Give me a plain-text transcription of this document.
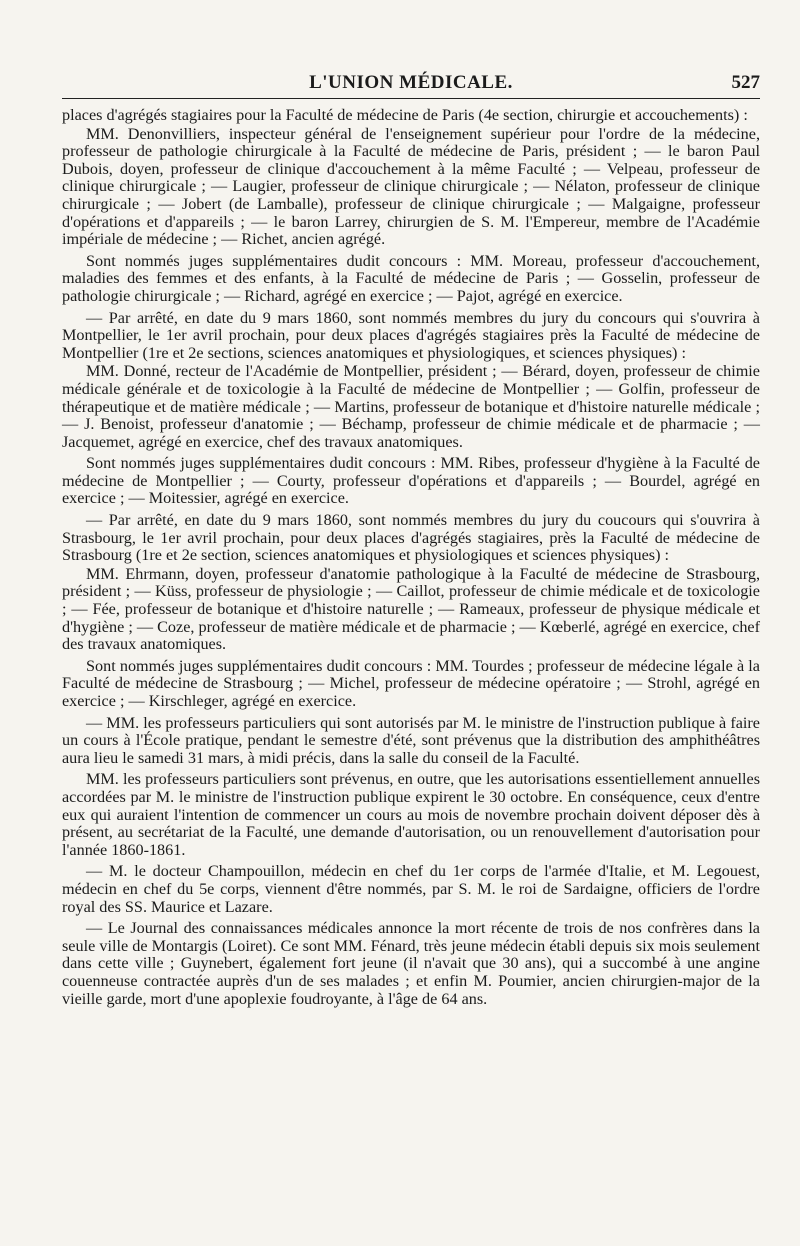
L'UNION MÉDICALE.	527

places d'agrégés stagiaires pour la Faculté de médecine de Paris (4e section, chirurgie et accouchements) :

MM. Denonvilliers, inspecteur général de l'enseignement supérieur pour l'ordre de la médecine, professeur de pathologie chirurgicale à la Faculté de médecine de Paris, président ; — le baron Paul Dubois, doyen, professeur de clinique d'accouchement à la même Faculté ; — Velpeau, professeur de clinique chirurgicale ; — Laugier, professeur de clinique chirurgicale ; — Nélaton, professeur de clinique chirurgicale ; — Jobert (de Lamballe), professeur de clinique chirurgicale ; — Malgaigne, professeur d'opérations et d'appareils ; — le baron Larrey, chirurgien de S. M. l'Empereur, membre de l'Académie impériale de médecine ; — Richet, ancien agrégé.

Sont nommés juges supplémentaires dudit concours : MM. Moreau, professeur d'accouchement, maladies des femmes et des enfants, à la Faculté de médecine de Paris ; — Gosselin, professeur de pathologie chirurgicale ; — Richard, agrégé en exercice ; — Pajot, agrégé en exercice.

— Par arrêté, en date du 9 mars 1860, sont nommés membres du jury du concours qui s'ouvrira à Montpellier, le 1er avril prochain, pour deux places d'agrégés stagiaires près la Faculté de médecine de Montpellier (1re et 2e sections, sciences anatomiques et physiologiques, et sciences physiques) :

MM. Donné, recteur de l'Académie de Montpellier, président ; — Bérard, doyen, professeur de chimie médicale générale et de toxicologie à la Faculté de médecine de Montpellier ; — Golfin, professeur de thérapeutique et de matière médicale ; — Martins, professeur de botanique et d'histoire naturelle médicale ; — J. Benoist, professeur d'anatomie ; — Béchamp, professeur de chimie médicale et de pharmacie ; — Jacquemet, agrégé en exercice, chef des travaux anatomiques.

Sont nommés juges supplémentaires dudit concours : MM. Ribes, professeur d'hygiène à la Faculté de médecine de Montpellier ; — Courty, professeur d'opérations et d'appareils ; — Bourdel, agrégé en exercice ; — Moitessier, agrégé en exercice.

— Par arrêté, en date du 9 mars 1860, sont nommés membres du jury du coucours qui s'ouvrira à Strasbourg, le 1er avril prochain, pour deux places d'agrégés stagiaires, près la Faculté de médecine de Strasbourg (1re et 2e section, sciences anatomiques et physiologiques et sciences physiques) :

MM. Ehrmann, doyen, professeur d'anatomie pathologique à la Faculté de médecine de Strasbourg, président ; — Küss, professeur de physiologie ; — Caillot, professeur de chimie médicale et de toxicologie ; — Fée, professeur de botanique et d'histoire naturelle ; — Rameaux, professeur de physique médicale et d'hygiène ; — Coze, professeur de matière médicale et de pharmacie ; — Kœberlé, agrégé en exercice, chef des travaux anatomiques.

Sont nommés juges supplémentaires dudit concours : MM. Tourdes ; professeur de médecine légale à la Faculté de médecine de Strasbourg ; — Michel, professeur de médecine opératoire ; — Strohl, agrégé en exercice ; — Kirschleger, agrégé en exercice.

— MM. les professeurs particuliers qui sont autorisés par M. le ministre de l'instruction publique à faire un cours à l'École pratique, pendant le semestre d'été, sont prévenus que la distribution des amphithéâtres aura lieu le samedi 31 mars, à midi précis, dans la salle du conseil de la Faculté.

MM. les professeurs particuliers sont prévenus, en outre, que les autorisations essentiellement annuelles accordées par M. le ministre de l'instruction publique expirent le 30 octobre. En conséquence, ceux d'entre eux qui auraient l'intention de commencer un cours au mois de novembre prochain doivent déposer dès à présent, au secrétariat de la Faculté, une demande d'autorisation, ou un renouvellement d'autorisation pour l'année 1860-1861.

— M. le docteur Champouillon, médecin en chef du 1er corps de l'armée d'Italie, et M. Legouest, médecin en chef du 5e corps, viennent d'être nommés, par S. M. le roi de Sardaigne, officiers de l'ordre royal des SS. Maurice et Lazare.

— Le Journal des connaissances médicales annonce la mort récente de trois de nos confrères dans la seule ville de Montargis (Loiret). Ce sont MM. Fénard, très jeune médecin établi depuis six mois seulement dans cette ville ; Guynebert, également fort jeune (il n'avait que 30 ans), qui a succombé à une angine couenneuse contractée auprès d'un de ses malades ; et enfin M. Poumier, ancien chirurgien-major de la vieille garde, mort d'une apoplexie foudroyante, à l'âge de 64 ans.
